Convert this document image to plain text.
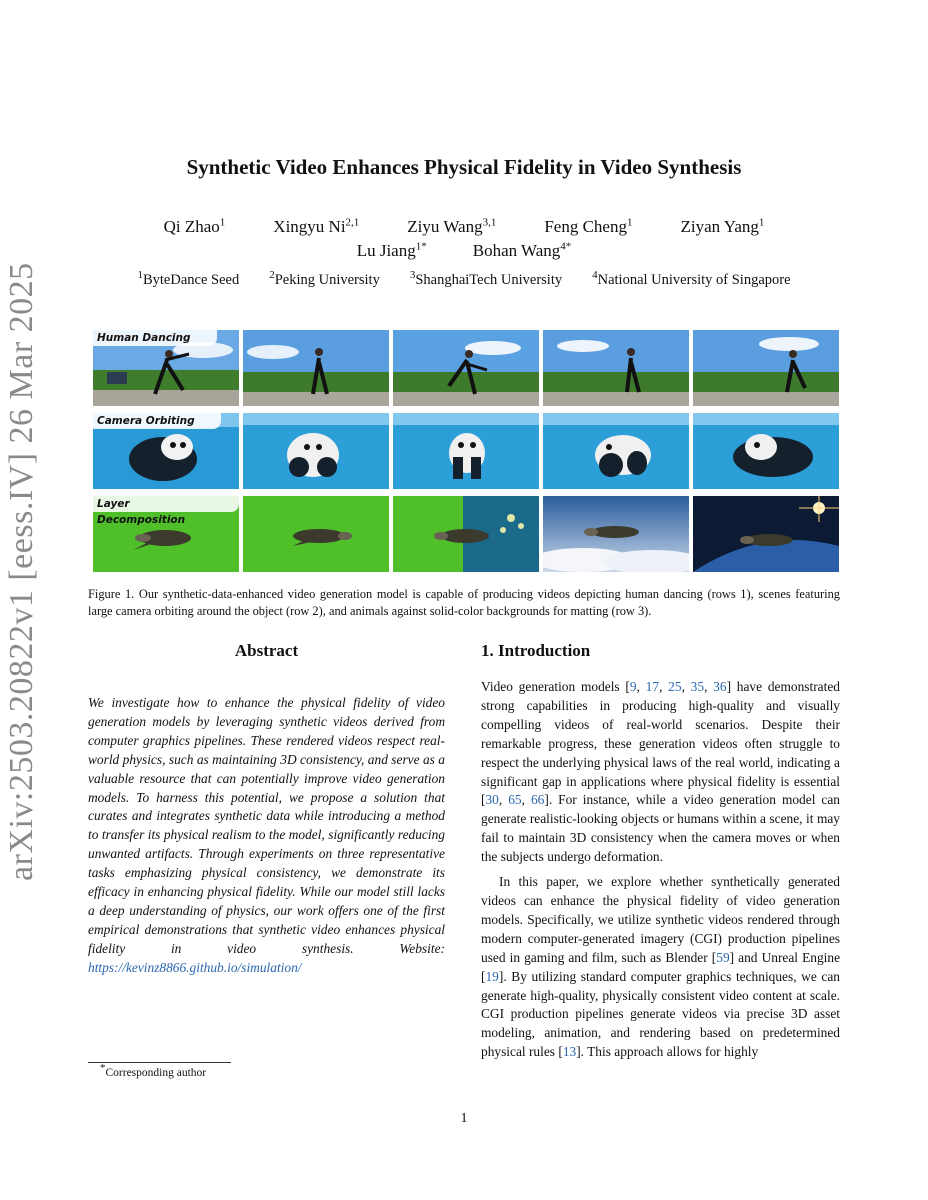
arXiv:2503.20822v1 [eess.IV] 26 Mar 2025
Synthetic Video Enhances Physical Fidelity in Video Synthesis
Qi Zhao$^1$	Xingyu Ni$^{2,1}$	Ziyu Wang$^{3,1}$	Feng Cheng$^1$	Ziyan Yang$^1$
Lu Jiang$^{1*}$	Bohan Wang$^{4*}$
$^1$ByteDance Seed	$^2$Peking University	$^3$ShanghaiTech University	$^4$National University of Singapore
Human Dancing
Camera Orbiting
Layer Decomposition
Figure 1. Our synthetic-data-enhanced video generation model is capable of producing videos depicting human dancing (rows 1), scenes featuring large camera orbiting around the object (row 2), and animals against solid-color backgrounds for matting (row 3).
Abstract
We investigate how to enhance the physical fidelity of video generation models by leveraging synthetic videos derived from computer graphics pipelines. These rendered videos respect real-world physics, such as maintaining 3D consistency, and serve as a valuable resource that can potentially improve video generation models. To harness this potential, we propose a solution that curates and integrates synthetic data while introducing a method to transfer its physical realism to the model, significantly reducing unwanted artifacts. Through experiments on three representative tasks emphasizing physical consistency, we demonstrate its efficacy in enhancing physical fidelity. While our model still lacks a deep understanding of physics, our work offers one of the first empirical demonstrations that synthetic video enhances physical fidelity in video synthesis.	Website: https://kevinz8866.github.io/simulation/
1. Introduction

Video generation models [9, 17, 25, 35, 36] have demonstrated strong capabilities in producing high-quality and visually compelling videos of real-world scenarios. Despite their remarkable progress, these generation videos often struggle to respect the underlying physical laws of the real world, indicating a significant gap in applications where physical fidelity is essential [30, 65, 66]. For instance, while a video generation model can generate realistic-looking objects or humans within a scene, it may fail to maintain 3D consistency when the camera moves or when the subjects undergo deformation.

In this paper, we explore whether synthetically generated videos can enhance the physical fidelity of video generation models. Specifically, we utilize synthetic videos rendered through modern computer-generated imagery (CGI) production pipelines used in gaming and film, such as Blender [59] and Unreal Engine [19]. By utilizing standard computer graphics techniques, we can generate high-quality, physically consistent video content at scale. CGI production pipelines generate videos via precise 3D asset modeling, animation, and rendering based on predetermined physical rules [13]. This approach allows for highly

*Corresponding author
1
